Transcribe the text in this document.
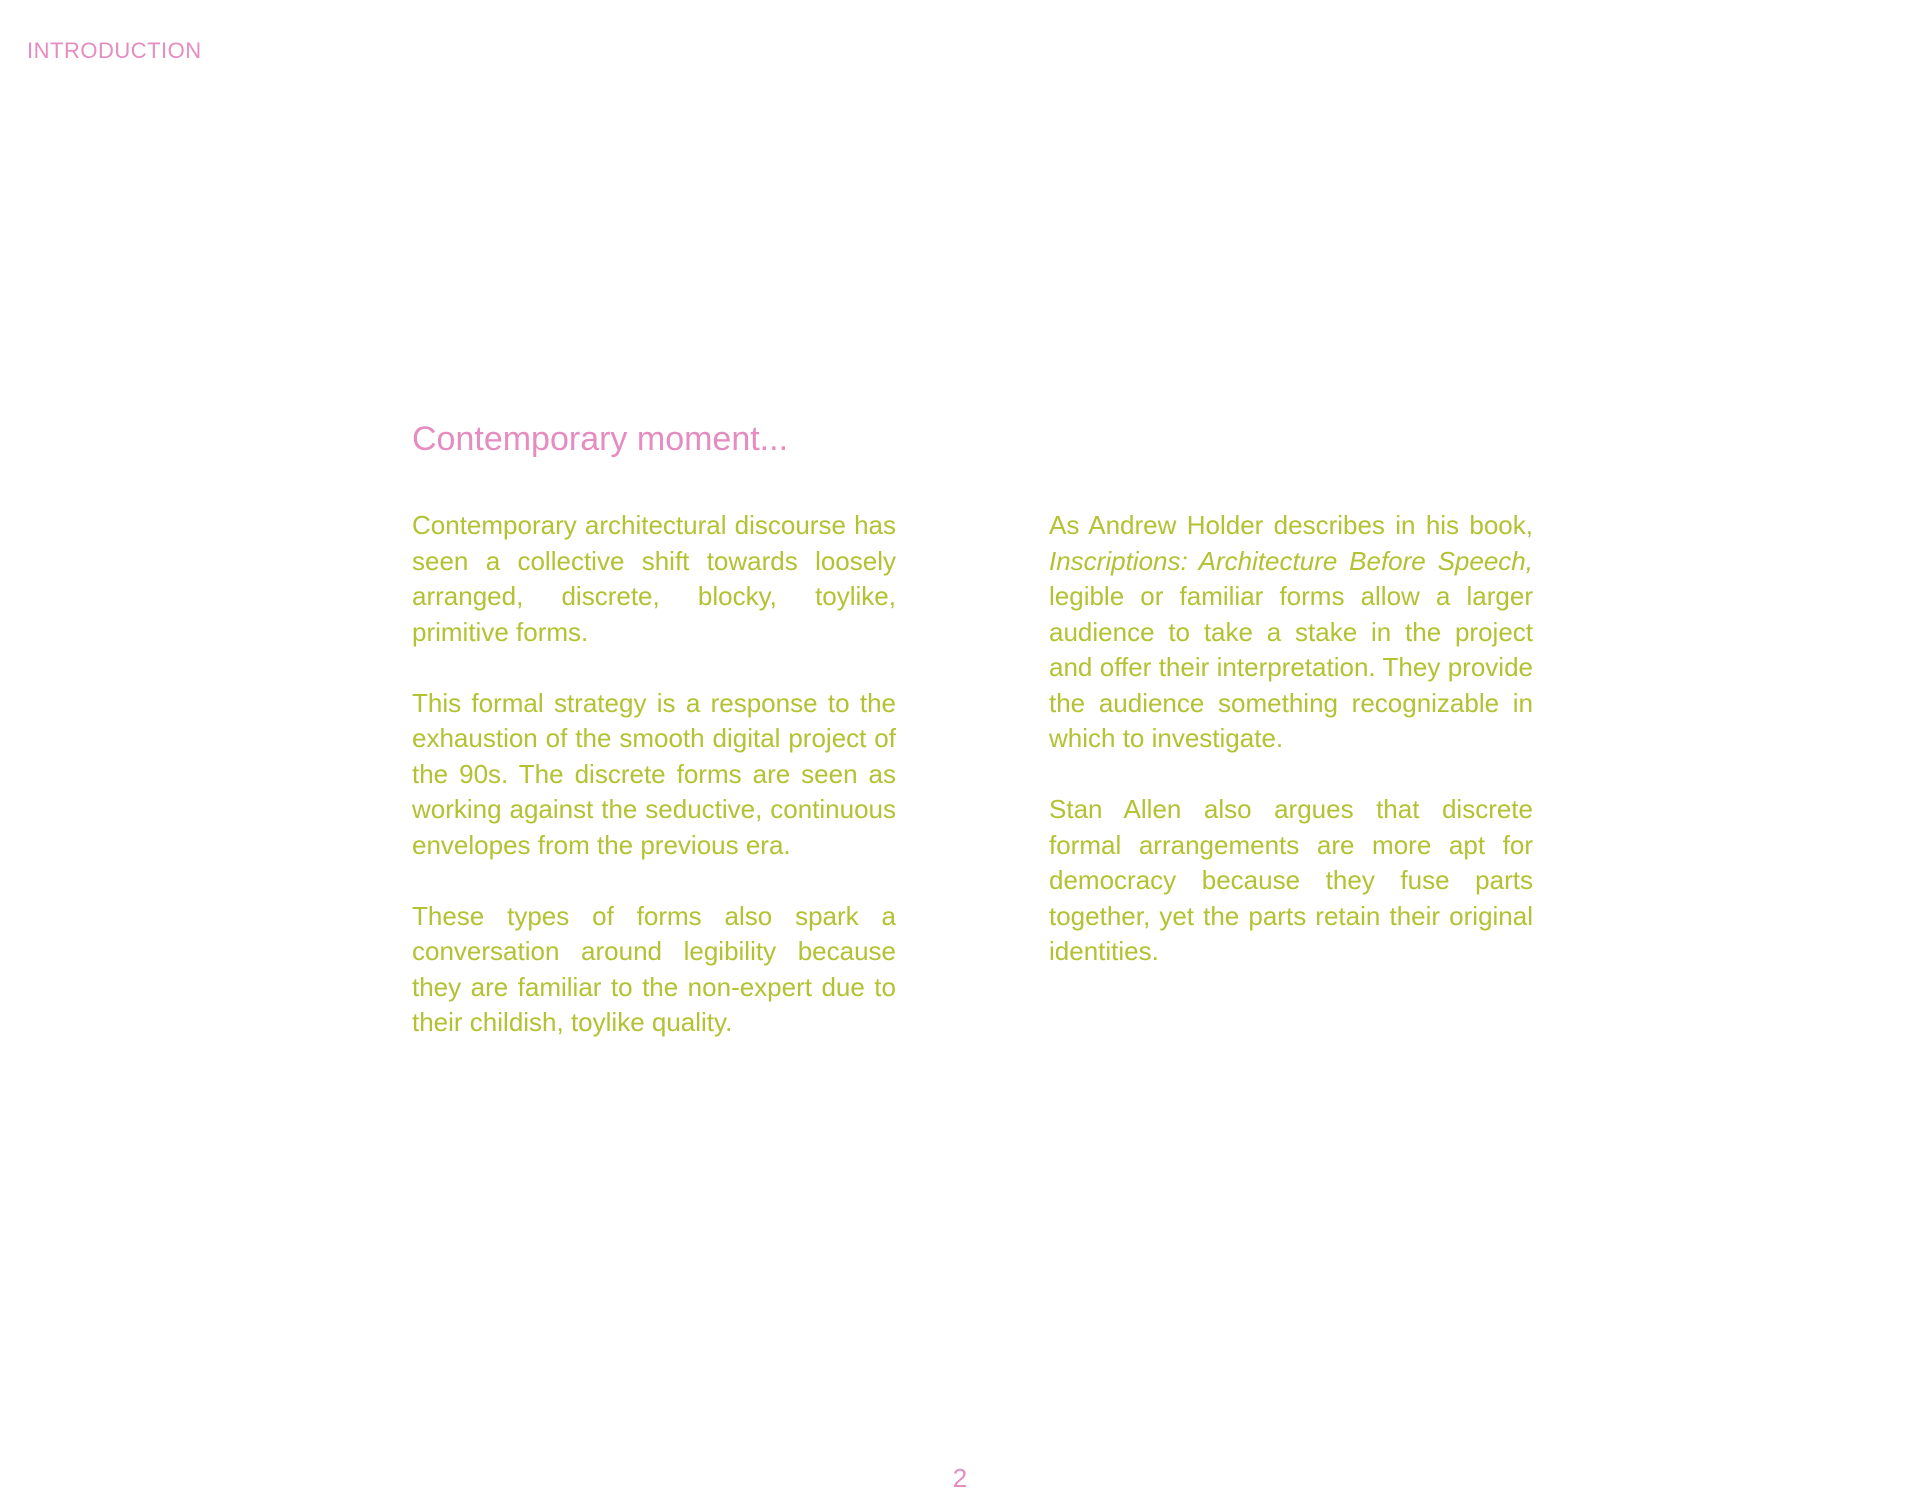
INTRODUCTION
Contemporary moment...

Contemporary architectural discourse has seen a collective shift towards loosely arranged, discrete, blocky, toylike, primitive forms.

This formal strategy is a response to the exhaustion of the smooth digital project of the 90s. The discrete forms are seen as working against the seductive, continuous envelopes from the previous era.

These types of forms also spark a conversation around legibility because they are familiar to the non-expert due to their childish, toylike quality.

As Andrew Holder describes in his book, Inscriptions: Architecture Before Speech, legible or familiar forms allow a larger audience to take a stake in the project and offer their interpretation. They provide the audience something recognizable in which to investigate.

Stan Allen also argues that discrete formal arrangements are more apt for democracy because they fuse parts together, yet the parts retain their original identities.

2
